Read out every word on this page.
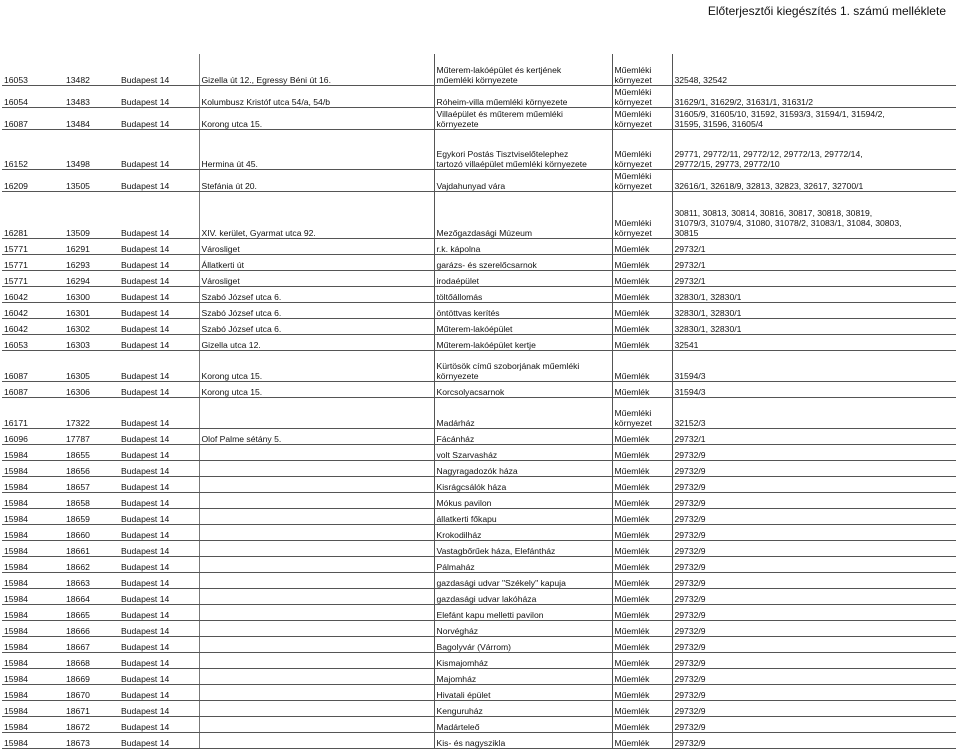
Előterjesztői kiegészítés 1. számú melléklete
16053	13482	Budapest 14	Gizella út 12., Egressy Béni út 16.	Műterem-lakóépület és kertjének
műemléki környezete	Műemléki
környezet	32548, 32542

16054	13483	Budapest 14	Kolumbusz Kristóf utca 54/a, 54/b	Róheim-villa műemléki környezete	Műemléki
környezet	31629/1, 31629/2, 31631/1, 31631/2

16087	13484	Budapest 14	Korong utca 15.	Villaépület és műterem műemléki
környezete	Műemléki
környezet	31605/9, 31605/10, 31592, 31593/3, 31594/1, 31594/2,
31595, 31596, 31605/4

16152	13498	Budapest 14	Hermina út 45.	Egykori Postás Tisztviselőtelephez
tartozó villaépület műemléki környezete	Műemléki
környezet	29771, 29772/11, 29772/12, 29772/13, 29772/14,
29772/15, 29773, 29772/10

16209	13505	Budapest 14	Stefánia út 20.	Vajdahunyad vára	Műemléki
környezet	32616/1, 32618/9, 32813, 32823, 32617, 32700/1

16281	13509	Budapest 14	XIV. kerület, Gyarmat utca 92.	Mezőgazdasági Múzeum	Műemléki
környezet	30811, 30813, 30814, 30816, 30817, 30818, 30819,
31079/3, 31079/4, 31080, 31078/2, 31083/1, 31084, 30803,
30815

15771	16291	Budapest 14	Városliget	r.k. kápolna	Műemlék	29732/1

15771	16293	Budapest 14	Állatkerti út	garázs- és szerelőcsarnok	Műemlék	29732/1

15771	16294	Budapest 14	Városliget	irodaépület	Műemlék	29732/1

16042	16300	Budapest 14	Szabó József utca 6.	töltőállomás	Műemlék	32830/1, 32830/1

16042	16301	Budapest 14	Szabó József utca 6.	öntöttvas kerítés	Műemlék	32830/1, 32830/1

16042	16302	Budapest 14	Szabó József utca 6.	Műterem-lakóépület	Műemlék	32830/1, 32830/1

16053	16303	Budapest 14	Gizella utca 12.	Műterem-lakóépület kertje	Műemlék	32541

16087	16305	Budapest 14	Korong utca 15.	Kürtösök című szoborjának műemléki
környezete	Műemlék	31594/3

16087	16306	Budapest 14	Korong utca 15.	Korcsolyacsarnok	Műemlék	31594/3

16171	17322	Budapest 14		Madárház	Műemléki
környezet	32152/3

16096	17787	Budapest 14	Olof Palme sétány 5.	Fácánház	Műemlék	29732/1

15984	18655	Budapest 14		volt Szarvasház	Műemlék	29732/9

15984	18656	Budapest 14		Nagyragadozók háza	Műemlék	29732/9

15984	18657	Budapest 14		Kisrágcsálók háza	Műemlék	29732/9

15984	18658	Budapest 14		Mókus pavilon	Műemlék	29732/9

15984	18659	Budapest 14		állatkerti főkapu	Műemlék	29732/9

15984	18660	Budapest 14		Krokodilház	Műemlék	29732/9

15984	18661	Budapest 14		Vastagbőrűek háza, Elefántház	Műemlék	29732/9

15984	18662	Budapest 14		Pálmaház	Műemlék	29732/9

15984	18663	Budapest 14		gazdasági udvar "Székely" kapuja	Műemlék	29732/9

15984	18664	Budapest 14		gazdasági udvar lakóháza	Műemlék	29732/9

15984	18665	Budapest 14		Elefánt kapu melletti pavilon	Műemlék	29732/9

15984	18666	Budapest 14		Norvégház	Műemlék	29732/9

15984	18667	Budapest 14		Bagolyvár (Várrom)	Műemlék	29732/9

15984	18668	Budapest 14		Kismajomház	Műemlék	29732/9

15984	18669	Budapest 14		Majomház	Műemlék	29732/9

15984	18670	Budapest 14		Hivatali épület	Műemlék	29732/9

15984	18671	Budapest 14		Kenguruház	Műemlék	29732/9

15984	18672	Budapest 14		Madárteleő	Műemlék	29732/9

15984	18673	Budapest 14		Kis- és nagyszikla	Műemlék	29732/9
